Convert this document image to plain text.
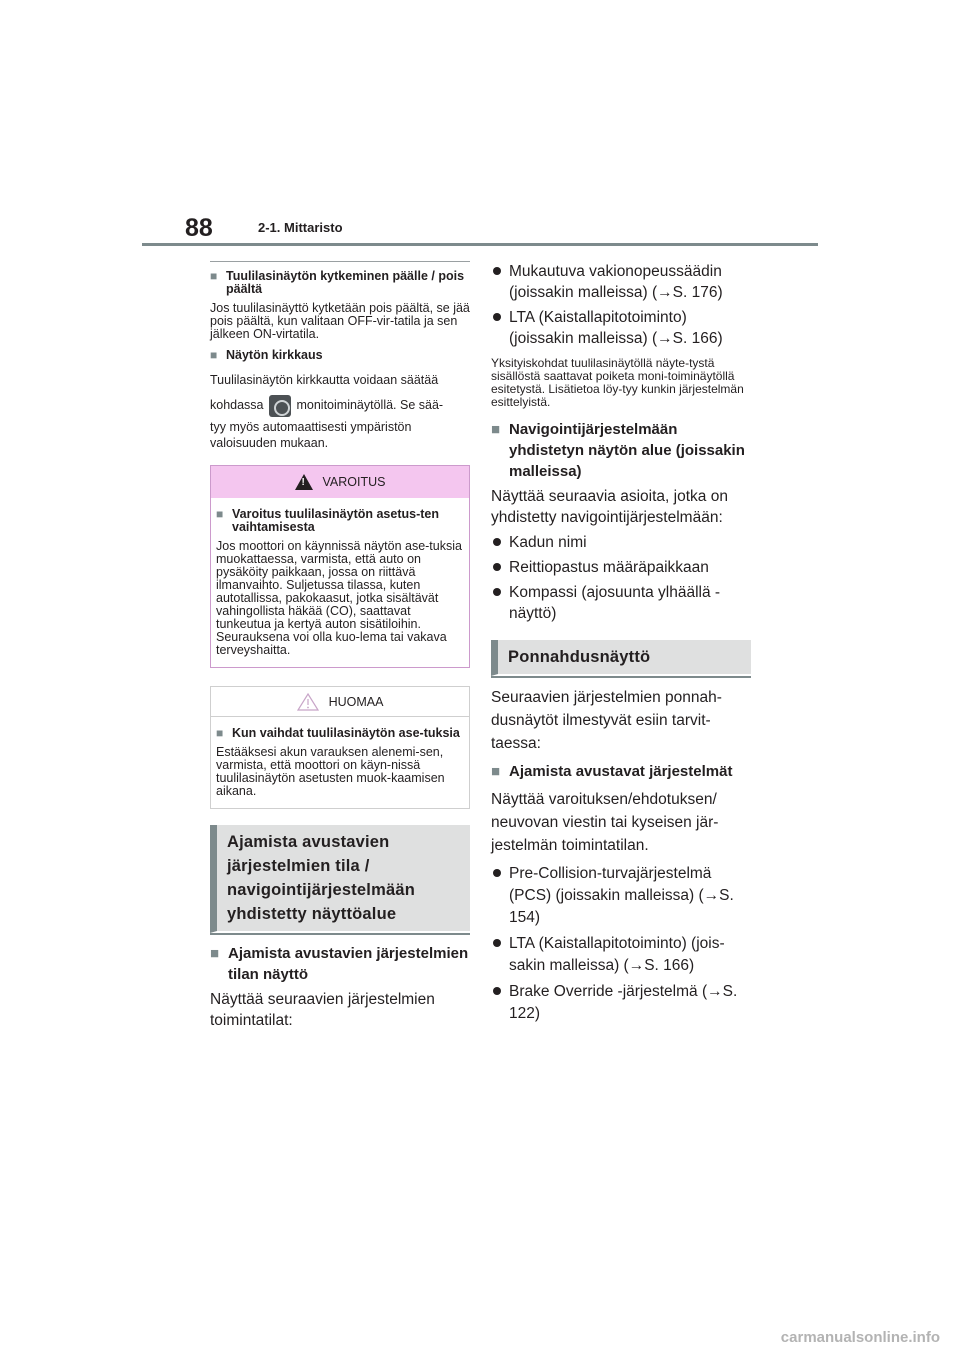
88	2-1. Mittaristo
■ Tuulilasinäytön kytkeminen päälle / pois päältä
Jos tuulilasinäyttö kytketään pois päältä, se jää pois päältä, kun valitaan OFF-vir-tatila ja sen jälkeen ON-virtatila.
■ Näytön kirkkaus
Tuulilasinäytön kirkkautta voidaan säätää
kohdassa	monitoiminäytöllä. Se sää-
tyy myös automaattisesti ympäristön
valoisuuden mukaan.
!
VAROITUS
■ Varoitus tuulilasinäytön asetus-ten vaihtamisesta
Jos moottori on käynnissä näytön ase-tuksia muokattaessa, varmista, että auto on pysäköity paikkaan, jossa on riittävä ilmanvaihto. Suljetussa tilassa, kuten autotallissa, pakokaasut, jotka sisältävät vahingollista häkää (CO), saattavat tunkeutua ja kertyä auton sisätiloihin. Seurauksena voi olla kuo-lema tai vakava terveyshaitta.
HUOMAA
■ Kun vaihdat tuulilasinäytön ase-tuksia
Estääksesi akun varauksen alenemi-sen, varmista, että moottori on käyn-nissä tuulilasinäytön asetusten muok-kaamisen aikana.
Ajamista avustavien järjestelmien tila / navigointijärjestelmään yhdistetty näyttöalue
■ Ajamista avustavien järjestelmien tilan näyttö
Näyttää seuraavien järjestelmien toimintatilat:
Mukautuva vakionopeussäädin (joissakin malleissa) (→S. 176)
LTA (Kaistallapitotoiminto) (joissakin malleissa) (→S. 166)
Yksityiskohdat tuulilasinäytöllä näyte-tystä sisällöstä saattavat poiketa moni-toiminäytöllä esitetystä. Lisätietoa löy-tyy kunkin järjestelmän esittelyistä.
■ Navigointijärjestelmään yhdistetyn näytön alue (joissakin malleissa)
Näyttää seuraavia asioita, jotka on yhdistetty navigointijärjestelmään:
Kadun nimi
Reittiopastus määräpaikkaan
Kompassi (ajosuunta ylhäällä -näyttö)
Ponnahdusnäyttö
Seuraavien järjestelmien ponnah-dusnäytöt ilmestyvät esiin tarvit-taessa:
■ Ajamista avustavat järjestelmät
Näyttää varoituksen/ehdotuksen/ neuvovan viestin tai kyseisen jär-jestelmän toimintatilan.
Pre-Collision-turvajärjestelmä (PCS) (joissakin malleissa) (→S. 154)
LTA (Kaistallapitotoiminto) (jois-sakin malleissa) (→S. 166)
Brake Override -järjestelmä (→S. 122)
carmanualsonline.info
